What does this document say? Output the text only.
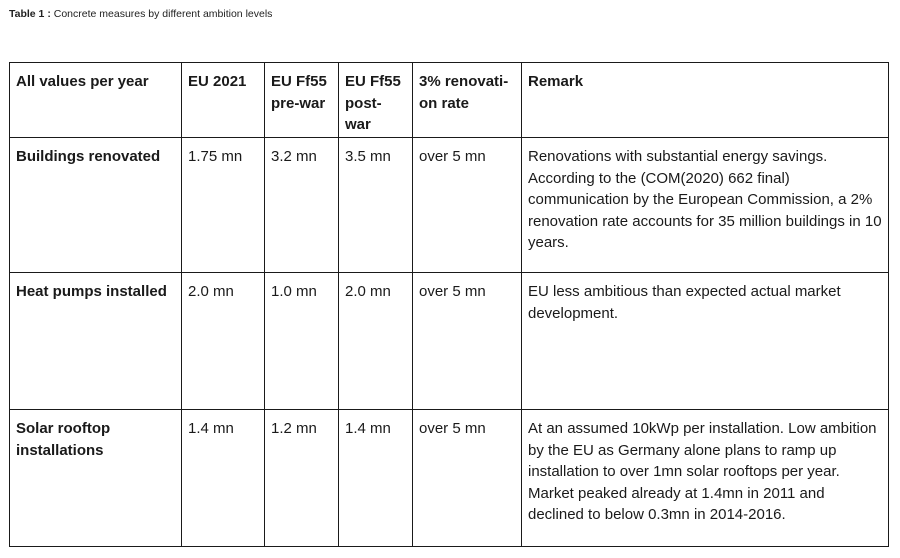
Table 1 : Concrete measures by different ambition levels
All values per year	EU 2021	EU Ff55 pre-war	EU Ff55 post-war	3% renovati-on rate	Remark
Buildings renovated	1.75 mn	3.2 mn	3.5 mn	over 5 mn	Renovations with substantial energy savings. According to the (COM(2020) 662 final) communication by the European Commission, a 2% renovation rate accounts for 35 million buildings in 10 years.
Heat pumps installed	2.0 mn	1.0 mn	2.0 mn	over 5 mn	EU less ambitious than expected actual market development.
Solar rooftop installations	1.4 mn	1.2 mn	1.4 mn	over 5 mn	At an assumed 10kWp per installation. Low ambition by the EU as Germany alone plans to ramp up installation to over 1mn solar rooftops per year. Market peaked already at 1.4mn in 2011 and declined to below 0.3mn in 2014-2016.
